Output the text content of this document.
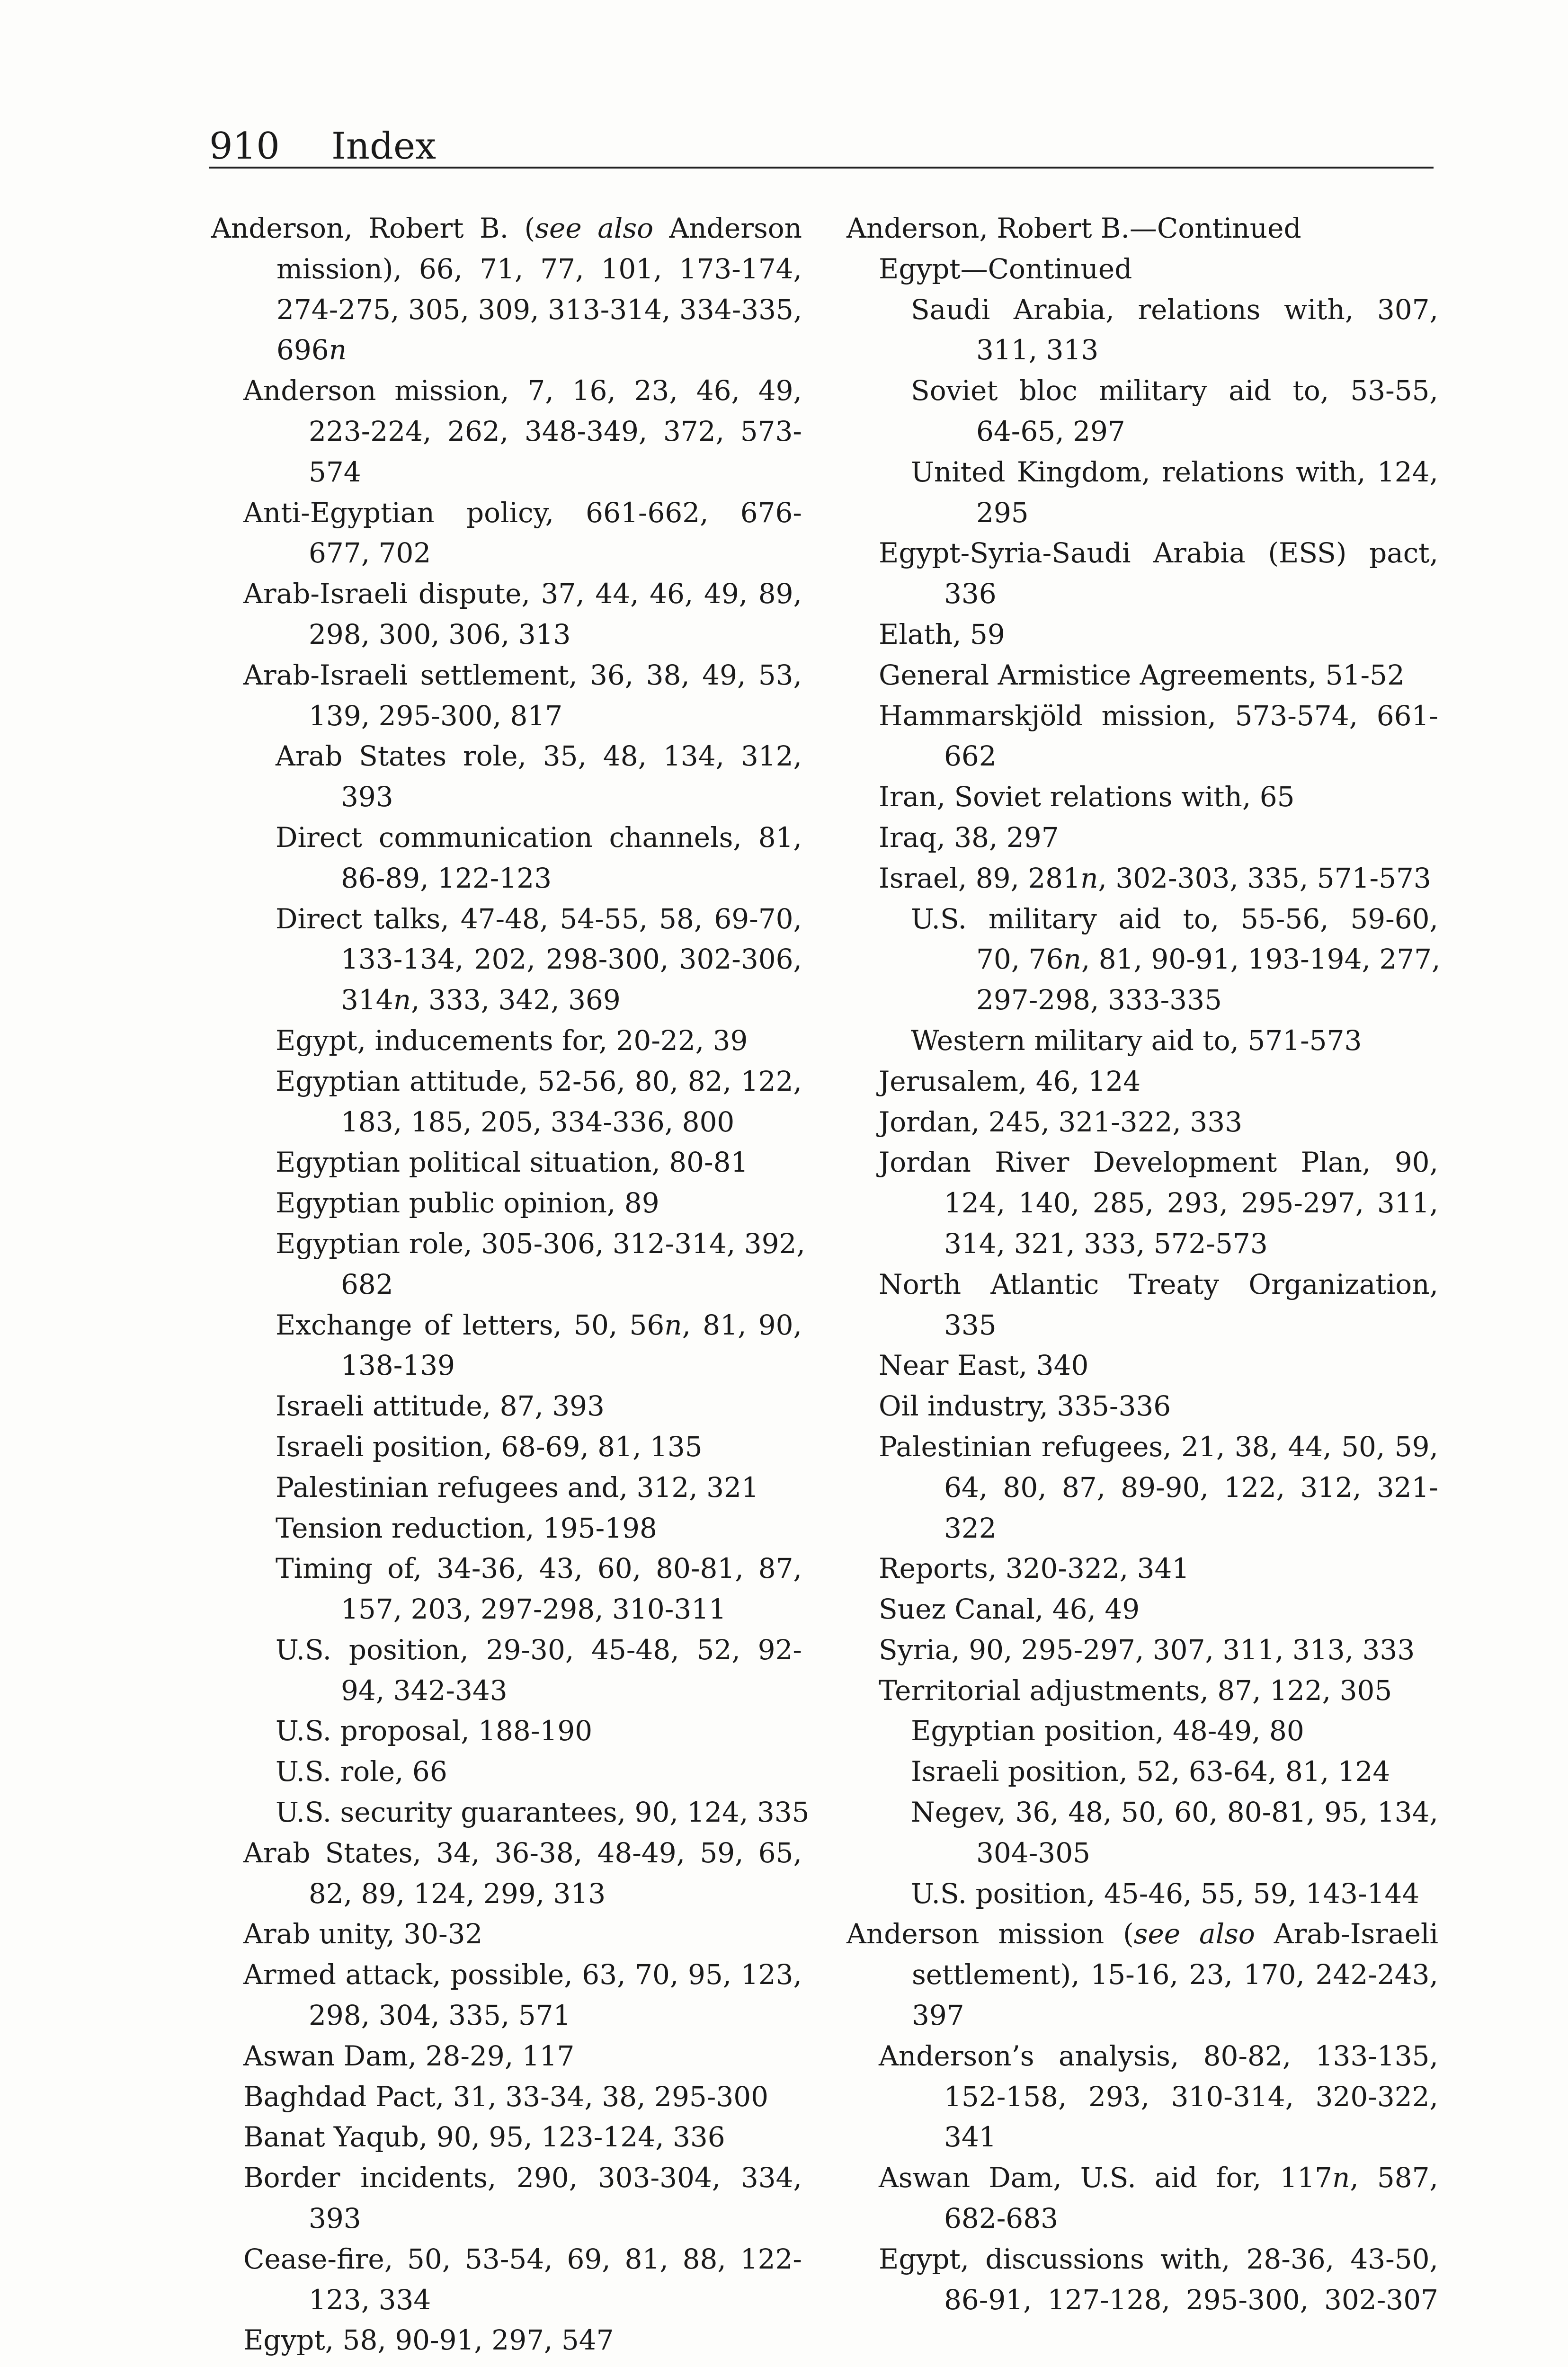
910 Index
Anderson, Robert B. (see also Anderson
mission), 66, 71, 77, 101, 173-174,
274-275, 305, 309, 313-314, 334-335,
696n
Anderson mission, 7, 16, 23, 46, 49,
223-224, 262, 348-349, 372, 573-
574
Anti-Egyptian policy, 661-662, 676-
677, 702
Arab-Israeli dispute, 37, 44, 46, 49, 89,
298, 300, 306, 313
Arab-Israeli settlement, 36, 38, 49, 53,
139, 295-300, 817
Arab States role, 35, 48, 134, 312,
393
Direct communication channels, 81,
86-89, 122-123
Direct talks, 47-48, 54-55, 58, 69-70,
133-134, 202, 298-300, 302-306,
314n, 333, 342, 369
Egypt, inducements for, 20-22, 39
Egyptian attitude, 52-56, 80, 82, 122,
183, 185, 205, 334-336, 800
Egyptian political situation, 80-81
Egyptian public opinion, 89
Egyptian role, 305-306, 312-314, 392,
682
Exchange of letters, 50, 56n, 81, 90,
138-139
Israeli attitude, 87, 393
Israeli position, 68-69, 81, 135
Palestinian refugees and, 312, 321
Tension reduction, 195-198
Timing of, 34-36, 43, 60, 80-81, 87,
157, 203, 297-298, 310-311
U.S. position, 29-30, 45-48, 52, 92-
94, 342-343
U.S. proposal, 188-190
U.S. role, 66
U.S. security guarantees, 90, 124, 335
Arab States, 34, 36-38, 48-49, 59, 65,
82, 89, 124, 299, 313
Arab unity, 30-32
Armed attack, possible, 63, 70, 95, 123,
298, 304, 335, 571
Aswan Dam, 28-29, 117
Baghdad Pact, 31, 33-34, 38, 295-300
Banat Yaqub, 90, 95, 123-124, 336
Border incidents, 290, 303-304, 334,
393
Cease-fire, 50, 53-54, 69, 81, 88, 122-
123, 334
Egypt, 58, 90-91, 297, 547
Anderson, Robert B.—Continued
Egypt—Continued
Saudi Arabia, relations with, 307,
311, 313
Soviet bloc military aid to, 53-55,
64-65, 297
United Kingdom, relations with, 124,
295
Egypt-Syria-Saudi Arabia (ESS) pact,
336
Elath, 59
General Armistice Agreements, 51-52
Hammarskjöld mission, 573-574, 661-
662
Iran, Soviet relations with, 65
Iraq, 38, 297
Israel, 89, 281n, 302-303, 335, 571-573
U.S. military aid to, 55-56, 59-60,
70, 76n, 81, 90-91, 193-194, 277,
297-298, 333-335
Western military aid to, 571-573
Jerusalem, 46, 124
Jordan, 245, 321-322, 333
Jordan River Development Plan, 90,
124, 140, 285, 293, 295-297, 311,
314, 321, 333, 572-573
North Atlantic Treaty Organization,
335
Near East, 340
Oil industry, 335-336
Palestinian refugees, 21, 38, 44, 50, 59,
64, 80, 87, 89-90, 122, 312, 321-
322
Reports, 320-322, 341
Suez Canal, 46, 49
Syria, 90, 295-297, 307, 311, 313, 333
Territorial adjustments, 87, 122, 305
Egyptian position, 48-49, 80
Israeli position, 52, 63-64, 81, 124
Negev, 36, 48, 50, 60, 80-81, 95, 134,
304-305
U.S. position, 45-46, 55, 59, 143-144
Anderson mission (see also Arab-Israeli
settlement), 15-16, 23, 170, 242-243,
397
Anderson’s analysis, 80-82, 133-135,
152-158, 293, 310-314, 320-322,
341
Aswan Dam, U.S. aid for, 117n, 587,
682-683
Egypt, discussions with, 28-36, 43-50,
86-91, 127-128, 295-300, 302-307
